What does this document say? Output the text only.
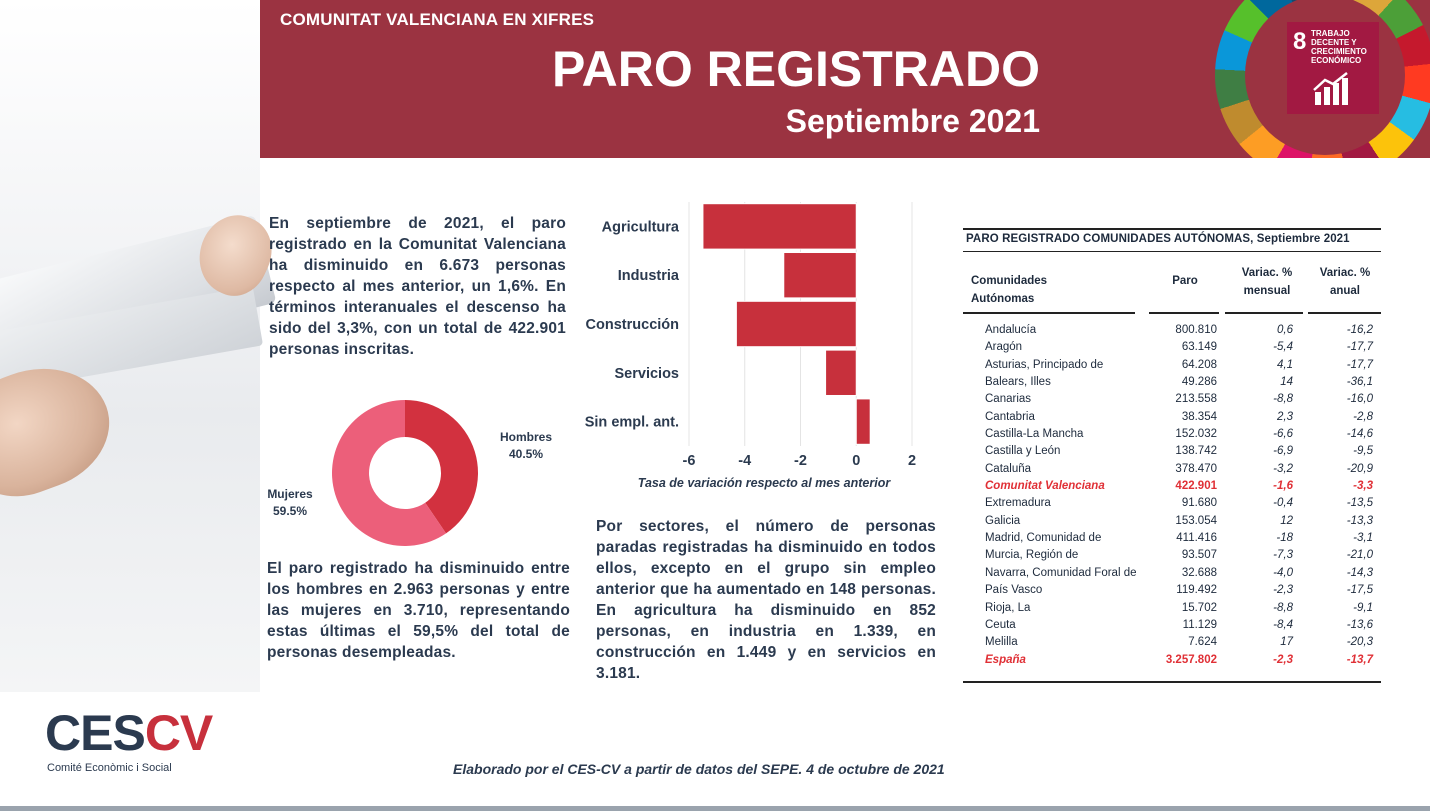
COMUNITAT VALENCIANA EN XIFRES
PARO REGISTRADO
Septiembre 2021
8 TRABAJO DECENTE Y CRECIMIENTO ECONÓMICO
En septiembre de 2021, el paro registrado en la Comunitat Valenciana ha disminuido en 6.673 personas respecto al mes anterior, un 1,6%. En términos interanuales el descenso ha sido del 3,3%, con un total de 422.901 personas inscritas.
El paro registrado ha disminuido entre los hombres en 2.963 personas y entre las mujeres en 3.710, representando estas últimas el 59,5% del total de personas desempleadas.
Por sectores, el número de personas paradas registradas ha disminuido en todos ellos, excepto en el grupo sin empleo anterior que ha aumentado en 148 personas. En agricultura ha disminuido en 852 personas, en industria en 1.339, en construcción en 1.449 y en servicios en 3.181.
Hombres
40.5%
Mujeres
59.5%
Agricultura
Industria
Construcción
Servicios
Sin empl. ant.
-6	-4	-2	0	2
Tasa de variación respecto al mes anterior
PARO REGISTRADO COMUNIDADES AUTÓNOMAS, Septiembre 2021
Comunidades Autónomas
Paro
Variac. % mensual
Variac. % anual
Andalucía	800.810	0,6	-16,2
Aragón	63.149	-5,4	-17,7
Asturias, Principado de	64.208	4,1	-17,7
Balears, Illes	49.286	14	-36,1
Canarias	213.558	-8,8	-16,0
Cantabria	38.354	2,3	-2,8
Castilla-La Mancha	152.032	-6,6	-14,6
Castilla y León	138.742	-6,9	-9,5
Cataluña	378.470	-3,2	-20,9
Comunitat Valenciana	422.901	-1,6	-3,3
Extremadura	91.680	-0,4	-13,5
Galicia	153.054	12	-13,3
Madrid, Comunidad de	411.416	-18	-3,1
Murcia, Región de	93.507	-7,3	-21,0
Navarra, Comunidad Foral de	32.688	-4,0	-14,3
País Vasco	119.492	-2,3	-17,5
Rioja, La	15.702	-8,8	-9,1
Ceuta	11.129	-8,4	-13,6
Melilla	7.624	17	-20,3
España	3.257.802	-2,3	-13,7
CESCV
Comité Econòmic i Social	Elaborado por el CES-CV a partir de datos del SEPE. 4 de octubre de 2021
